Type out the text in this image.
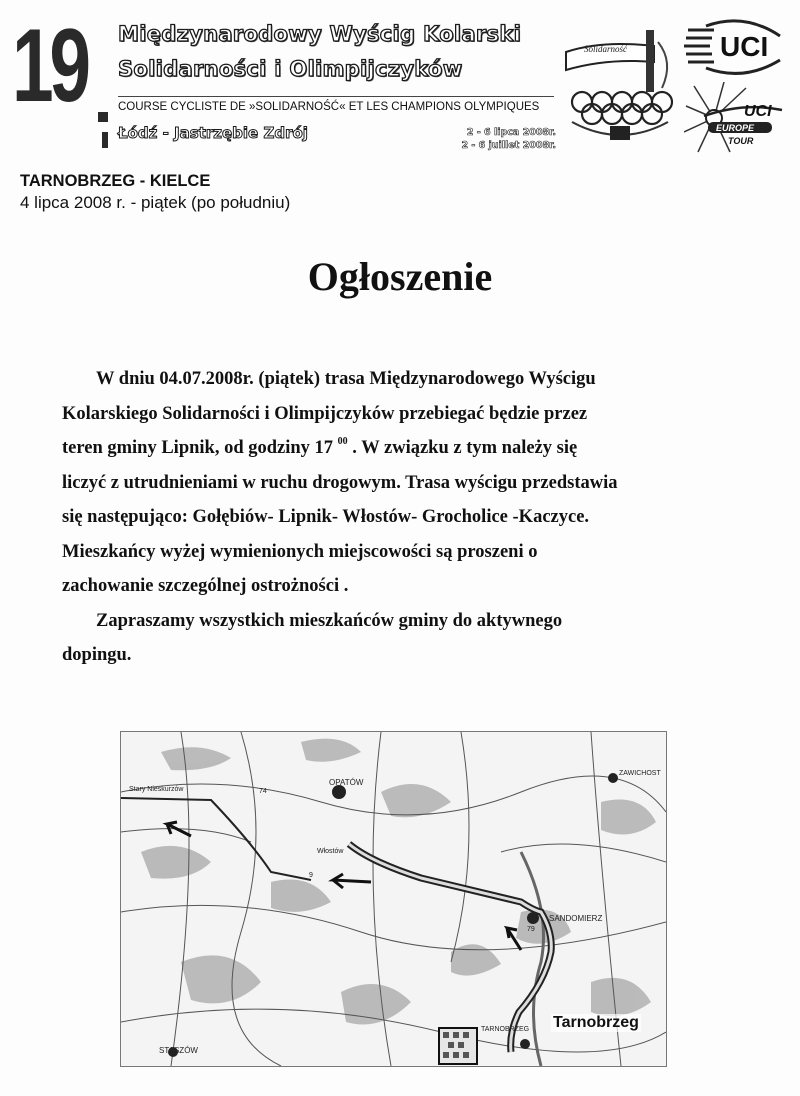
19 Międzynarodowy Wyścig Kolarski
Solidarności i Olimpijczyków
COURSE CYCLISTE DE »SOLIDARNOŚĆ« ET LES CHAMPIONS OLYMPIQUES
Łódź - Jastrzębie Zdrój	2 - 6 lipca 2008r.
2 - 6 juillet 2008r.
Solidarność	UCI
UCI
EUROPE
TOUR
TARNOBRZEG - KIELCE
4 lipca 2008 r. - piątek (po południu)
Ogłoszenie

W dniu 04.07.2008r. (piątek) trasa Międzynarodowego Wyścigu

Kolarskiego Solidarności i Olimpijczyków przebiegać będzie przez
teren gminy Lipnik, od godziny 17 $^{00}$ . W związku z tym należy się
liczyć z utrudnieniami w ruchu drogowym. Trasa wyścigu przedstawia
się następująco: Gołębiów- Lipnik- Włostów- Grocholice -Kaczyce.
Mieszkańcy wyżej wymienionych miejscowości są proszeni o
zachowanie szczególnej ostrożności .

Zapraszamy wszystkich mieszkańców gminy do aktywnego

dopingu.

OPATÓW
ZAWICHOST
SANDOMIERZ
STASZÓW
TARNOBRZEG
Włostów
Stary Nieskurzów	74
9
79
Tarnobrzeg
